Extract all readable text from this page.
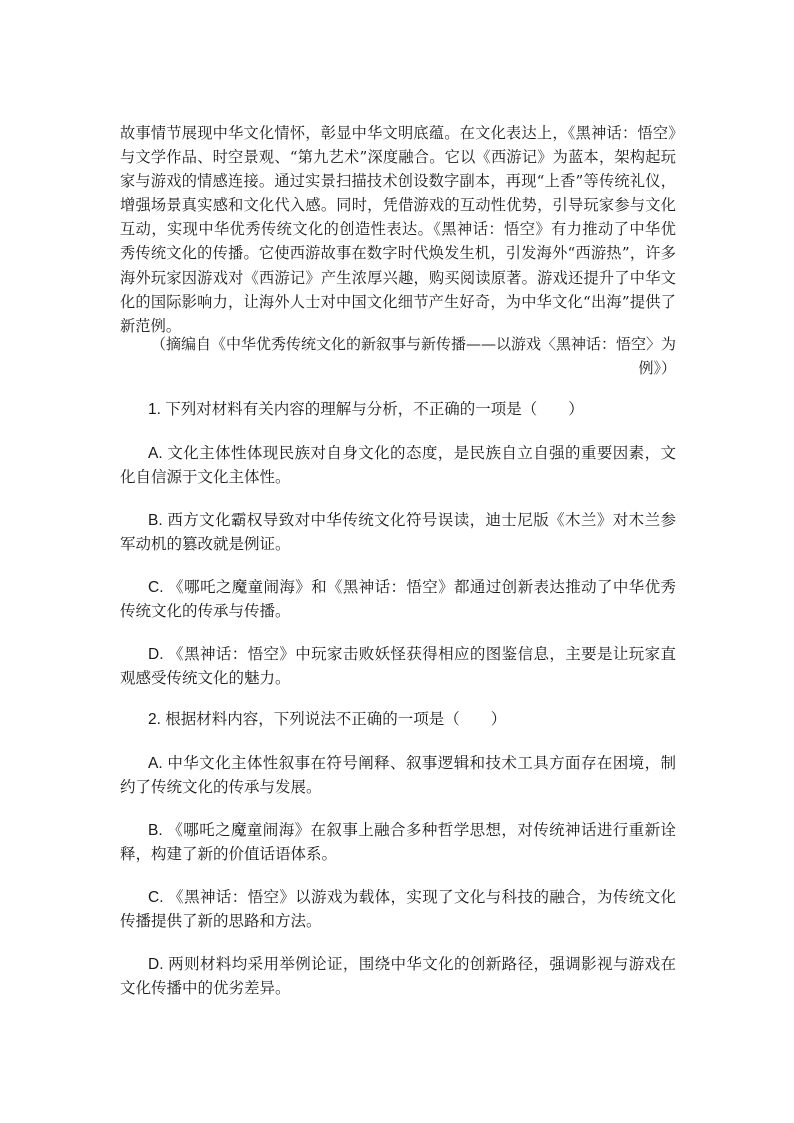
故事情节展现中华文化情怀，彰显中华文明底蕴。在文化表达上，《黑神话：悟空》与文学作品、时空景观、“第九艺术”深度融合。它以《西游记》为蓝本，架构起玩家与游戏的情感连接。通过实景扫描技术创设数字副本，再现“上香”等传统礼仪，增强场景真实感和文化代入感。同时，凭借游戏的互动性优势，引导玩家参与文化互动，实现中华优秀传统文化的创造性表达。《黑神话：悟空》有力推动了中华优秀传统文化的传播。它使西游故事在数字时代焕发生机，引发海外“西游热”，许多海外玩家因游戏对《西游记》产生浓厚兴趣，购买阅读原著。游戏还提升了中华文化的国际影响力，让海外人士对中国文化细节产生好奇，为中华文化“出海”提供了新范例。
（摘编自《中华优秀传统文化的新叙事与新传播——以游戏〈黑神话：悟空〉为例》）
1. 下列对材料有关内容的理解与分析，不正确的一项是（　　）
A. 文化主体性体现民族对自身文化的态度，是民族自立自强的重要因素，文化自信源于文化主体性。
B. 西方文化霸权导致对中华传统文化符号误读，迪士尼版《木兰》对木兰参军动机的篡改就是例证。
C. 《哪吒之魔童闹海》和《黑神话：悟空》都通过创新表达推动了中华优秀传统文化的传承与传播。
D. 《黑神话：悟空》中玩家击败妖怪获得相应的图鉴信息，主要是让玩家直观感受传统文化的魅力。
2. 根据材料内容，下列说法不正确的一项是（　　）
A. 中华文化主体性叙事在符号阐释、叙事逻辑和技术工具方面存在困境，制约了传统文化的传承与发展。
B. 《哪吒之魔童闹海》在叙事上融合多种哲学思想，对传统神话进行重新诠释，构建了新的价值话语体系。
C. 《黑神话：悟空》以游戏为载体，实现了文化与科技的融合，为传统文化传播提供了新的思路和方法。
D. 两则材料均采用举例论证，围绕中华文化的创新路径，强调影视与游戏在文化传播中的优劣差异。
